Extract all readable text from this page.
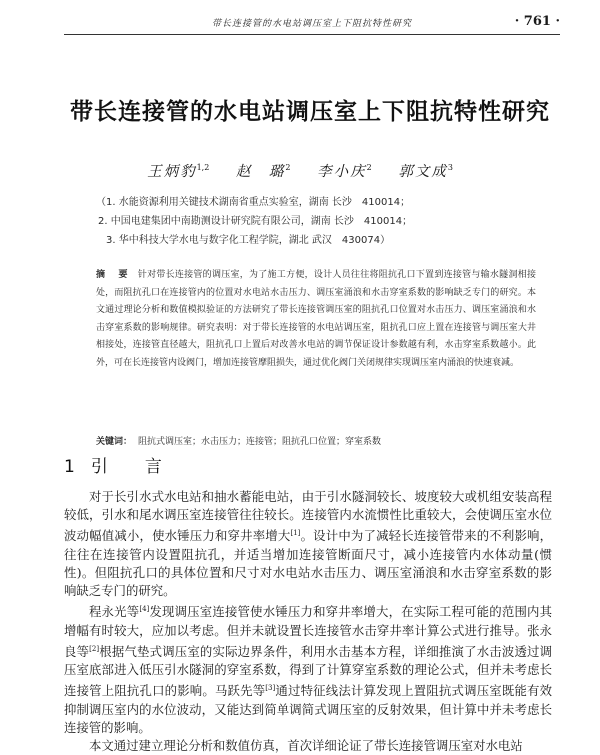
带长连接管的水电站调压室上下阻抗特性研究	· 761 ·
带长连接管的水电站调压室上下阻抗特性研究
王炳豹$^{1,2}$ 赵　璐$^2$ 李小庆$^2$ 郭文成$^3$
（1. 水能资源利用关键技术湖南省重点实验室，湖南 长沙　410014；
2. 中国电建集团中南勘测设计研究院有限公司，湖南 长沙　410014；
3. 华中科技大学水电与数字化工程学院，湖北 武汉　430074）
摘　要 针对带长连接管的调压室，为了施工方便，设计人员往往将阻抗孔口下置到连接管与输水隧洞相接处，而阻抗孔口在连接管内的位置对水电站水击压力、调压室涌浪和水击穿室系数的影响缺乏专门的研究。本文通过理论分析和数值模拟验证的方法研究了带长连接管调压室的阻抗孔口位置对水击压力、调压室涌浪和水击穿室系数的影响规律。研究表明：对于带长连接管的水电站调压室，阻抗孔口应上置在连接管与调压室大井相接处，连接管直径越大，阻抗孔口上置后对改善水电站的调节保证设计参数越有利，水击穿室系数越小。此外，可在长连接管内设阀门，增加连接管摩阻损失，通过优化阀门关闭规律实现调压室内涌浪的快速衰减。
关键词： 阻抗式调压室；水击压力；连接管；阻抗孔口位置；穿室系数
1 引　言

对于长引水式水电站和抽水蓄能电站，由于引水隧洞较长、坡度较大或机组安装高程较低，引水和尾水调压室连接管往往较长。连接管内水流惯性比重较大，会使调压室水位波动幅值减小，使水锤压力和穿井率增大[1]。设计中为了减轻长连接管带来的不利影响，往往在连接管内设置阻抗孔，并适当增加连接管断面尺寸，减小连接管内水体动量(惯性)。但阻抗孔口的具体位置和尺寸对水电站水击压力、调压室涌浪和水击穿室系数的影响缺乏专门的研究。

程永光等[4]发现调压室连接管使水锤压力和穿井率增大，在实际工程可能的范围内其增幅有时较大，应加以考虑。但并未就设置长连接管水击穿井率计算公式进行推导。张永良等[2]根据气垫式调压室的实际边界条件，利用水击基本方程，详细推演了水击波透过调压室底部进入低压引水隧洞的穿室系数，得到了计算穿室系数的理论公式，但并未考虑长连接管上阻抗孔口的影响。马跃先等[3]通过特征线法计算发现上置阻抗式调压室既能有效抑制调压室内的水位波动，又能达到简单调简式调压室的反射效果，但计算中并未考虑长连接管的影响。

本文通过建立理论分析和数值仿真，首次详细论证了带长连接管调压室对水电站
